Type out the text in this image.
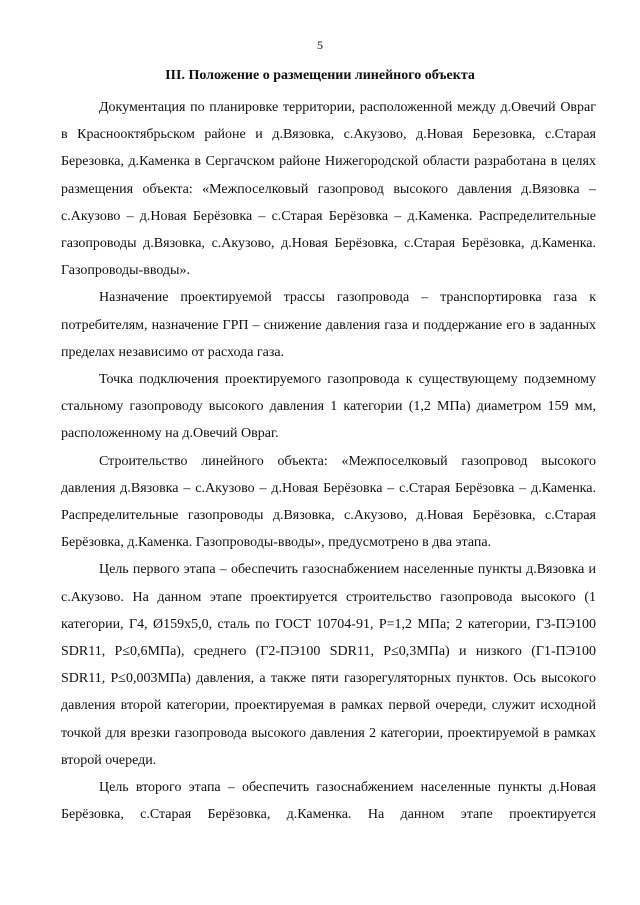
5
III. Положение о размещении линейного объекта

Документация по планировке территории, расположенной между д.Овечий Овраг в Краснооктябрьском районе и д.Вязовка, с.Акузово, д.Новая Березовка, с.Старая Березовка, д.Каменка в Сергачском районе Нижегородской области разработана в целях размещения объекта: «Межпоселковый газопровод высокого давления д.Вязовка – с.Акузово – д.Новая Берёзовка – с.Старая Берёзовка – д.Каменка. Распределительные газопроводы д.Вязовка, с.Акузово, д.Новая Берёзовка, с.Старая Берёзовка, д.Каменка. Газопроводы-вводы».

Назначение проектируемой трассы газопровода – транспортировка газа к потребителям, назначение ГРП – снижение давления газа и поддержание его в заданных пределах независимо от расхода газа.

Точка подключения проектируемого газопровода к существующему подземному стальному газопроводу высокого давления 1 категории (1,2 МПа) диаметром 159 мм, расположенному на д.Овечий Овраг.

Строительство линейного объекта: «Межпоселковый газопровод высокого давления д.Вязовка – с.Акузово – д.Новая Берёзовка – с.Старая Берёзовка – д.Каменка. Распределительные газопроводы д.Вязовка, с.Акузово, д.Новая Берёзовка, с.Старая Берёзовка, д.Каменка. Газопроводы-вводы», предусмотрено в два этапа.

Цель первого этапа – обеспечить газоснабжением населенные пункты д.Вязовка и с.Акузово. На данном этапе проектируется строительство газопровода высокого (1 категории, Г4, Ø159x5,0, сталь по ГОСТ 10704-91, Р=1,2 МПа; 2 категории, Г3-ПЭ100 SDR11, Р≤0,6МПа), среднего (Г2-ПЭ100 SDR11, Р≤0,3МПа) и низкого (Г1-ПЭ100 SDR11, Р≤0,003МПа) давления, а также пяти газорегуляторных пунктов. Ось высокого давления второй категории, проектируемая в рамках первой очереди, служит исходной точкой для врезки газопровода высокого давления 2 категории, проектируемой в рамках второй очереди.

Цель второго этапа – обеспечить газоснабжением населенные пункты д.Новая Берёзовка, с.Старая Берёзовка, д.Каменка. На данном этапе проектируется
